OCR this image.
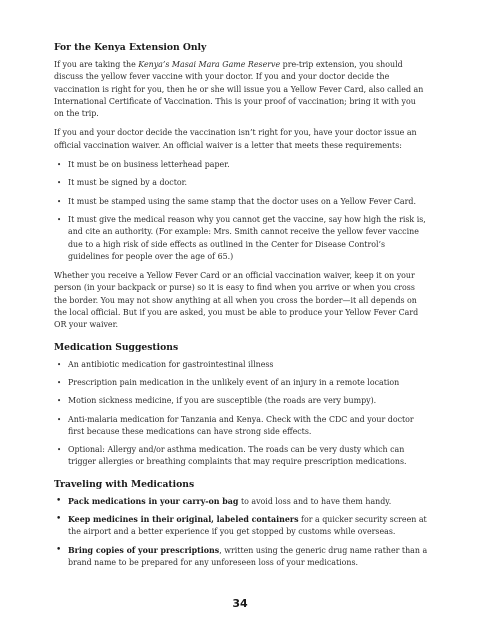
For the Kenya Extension Only

If you are taking the Kenya’s Masai Mara Game Reserve pre-trip extension, you should discuss the yellow fever vaccine with your doctor. If you and your doctor decide the vaccination is right for you, then he or she will issue you a Yellow Fever Card, also called an International Certificate of Vaccination. This is your proof of vaccination; bring it with you on the trip.

If you and your doctor decide the vaccination isn’t right for you, have your doctor issue an official vaccination waiver. An official waiver is a letter that meets these requirements:

• It must be on business letterhead paper.
• It must be signed by a doctor.
• It must be stamped using the same stamp that the doctor uses on a Yellow Fever Card.
• It must give the medical reason why you cannot get the vaccine, say how high the risk is, and cite an authority. (For example: Mrs. Smith cannot receive the yellow fever vaccine due to a high risk of side effects as outlined in the Center for Disease Control’s guidelines for people over the age of 65.)

Whether you receive a Yellow Fever Card or an official vaccination waiver, keep it on your person (in your backpack or purse) so it is easy to find when you arrive or when you cross the border. You may not show anything at all when you cross the border—it all depends on the local official. But if you are asked, you must be able to produce your Yellow Fever Card OR your waiver.

Medication Suggestions
• An antibiotic medication for gastrointestinal illness
• Prescription pain medication in the unlikely event of an injury in a remote location
• Motion sickness medicine, if you are susceptible (the roads are very bumpy).
• Anti-malaria medication for Tanzania and Kenya. Check with the CDC and your doctor first because these medications can have strong side effects.
• Optional: Allergy and/or asthma medication. The roads can be very dusty which can trigger allergies or breathing complaints that may require prescription medications.
Traveling with Medications
• Pack medications in your carry-on bag to avoid loss and to have them handy.
• Keep medicines in their original, labeled containers for a quicker security screen at the airport and a better experience if you get stopped by customs while overseas.
• Bring copies of your prescriptions, written using the generic drug name rather than a brand name to be prepared for any unforeseen loss of your medications.
34
